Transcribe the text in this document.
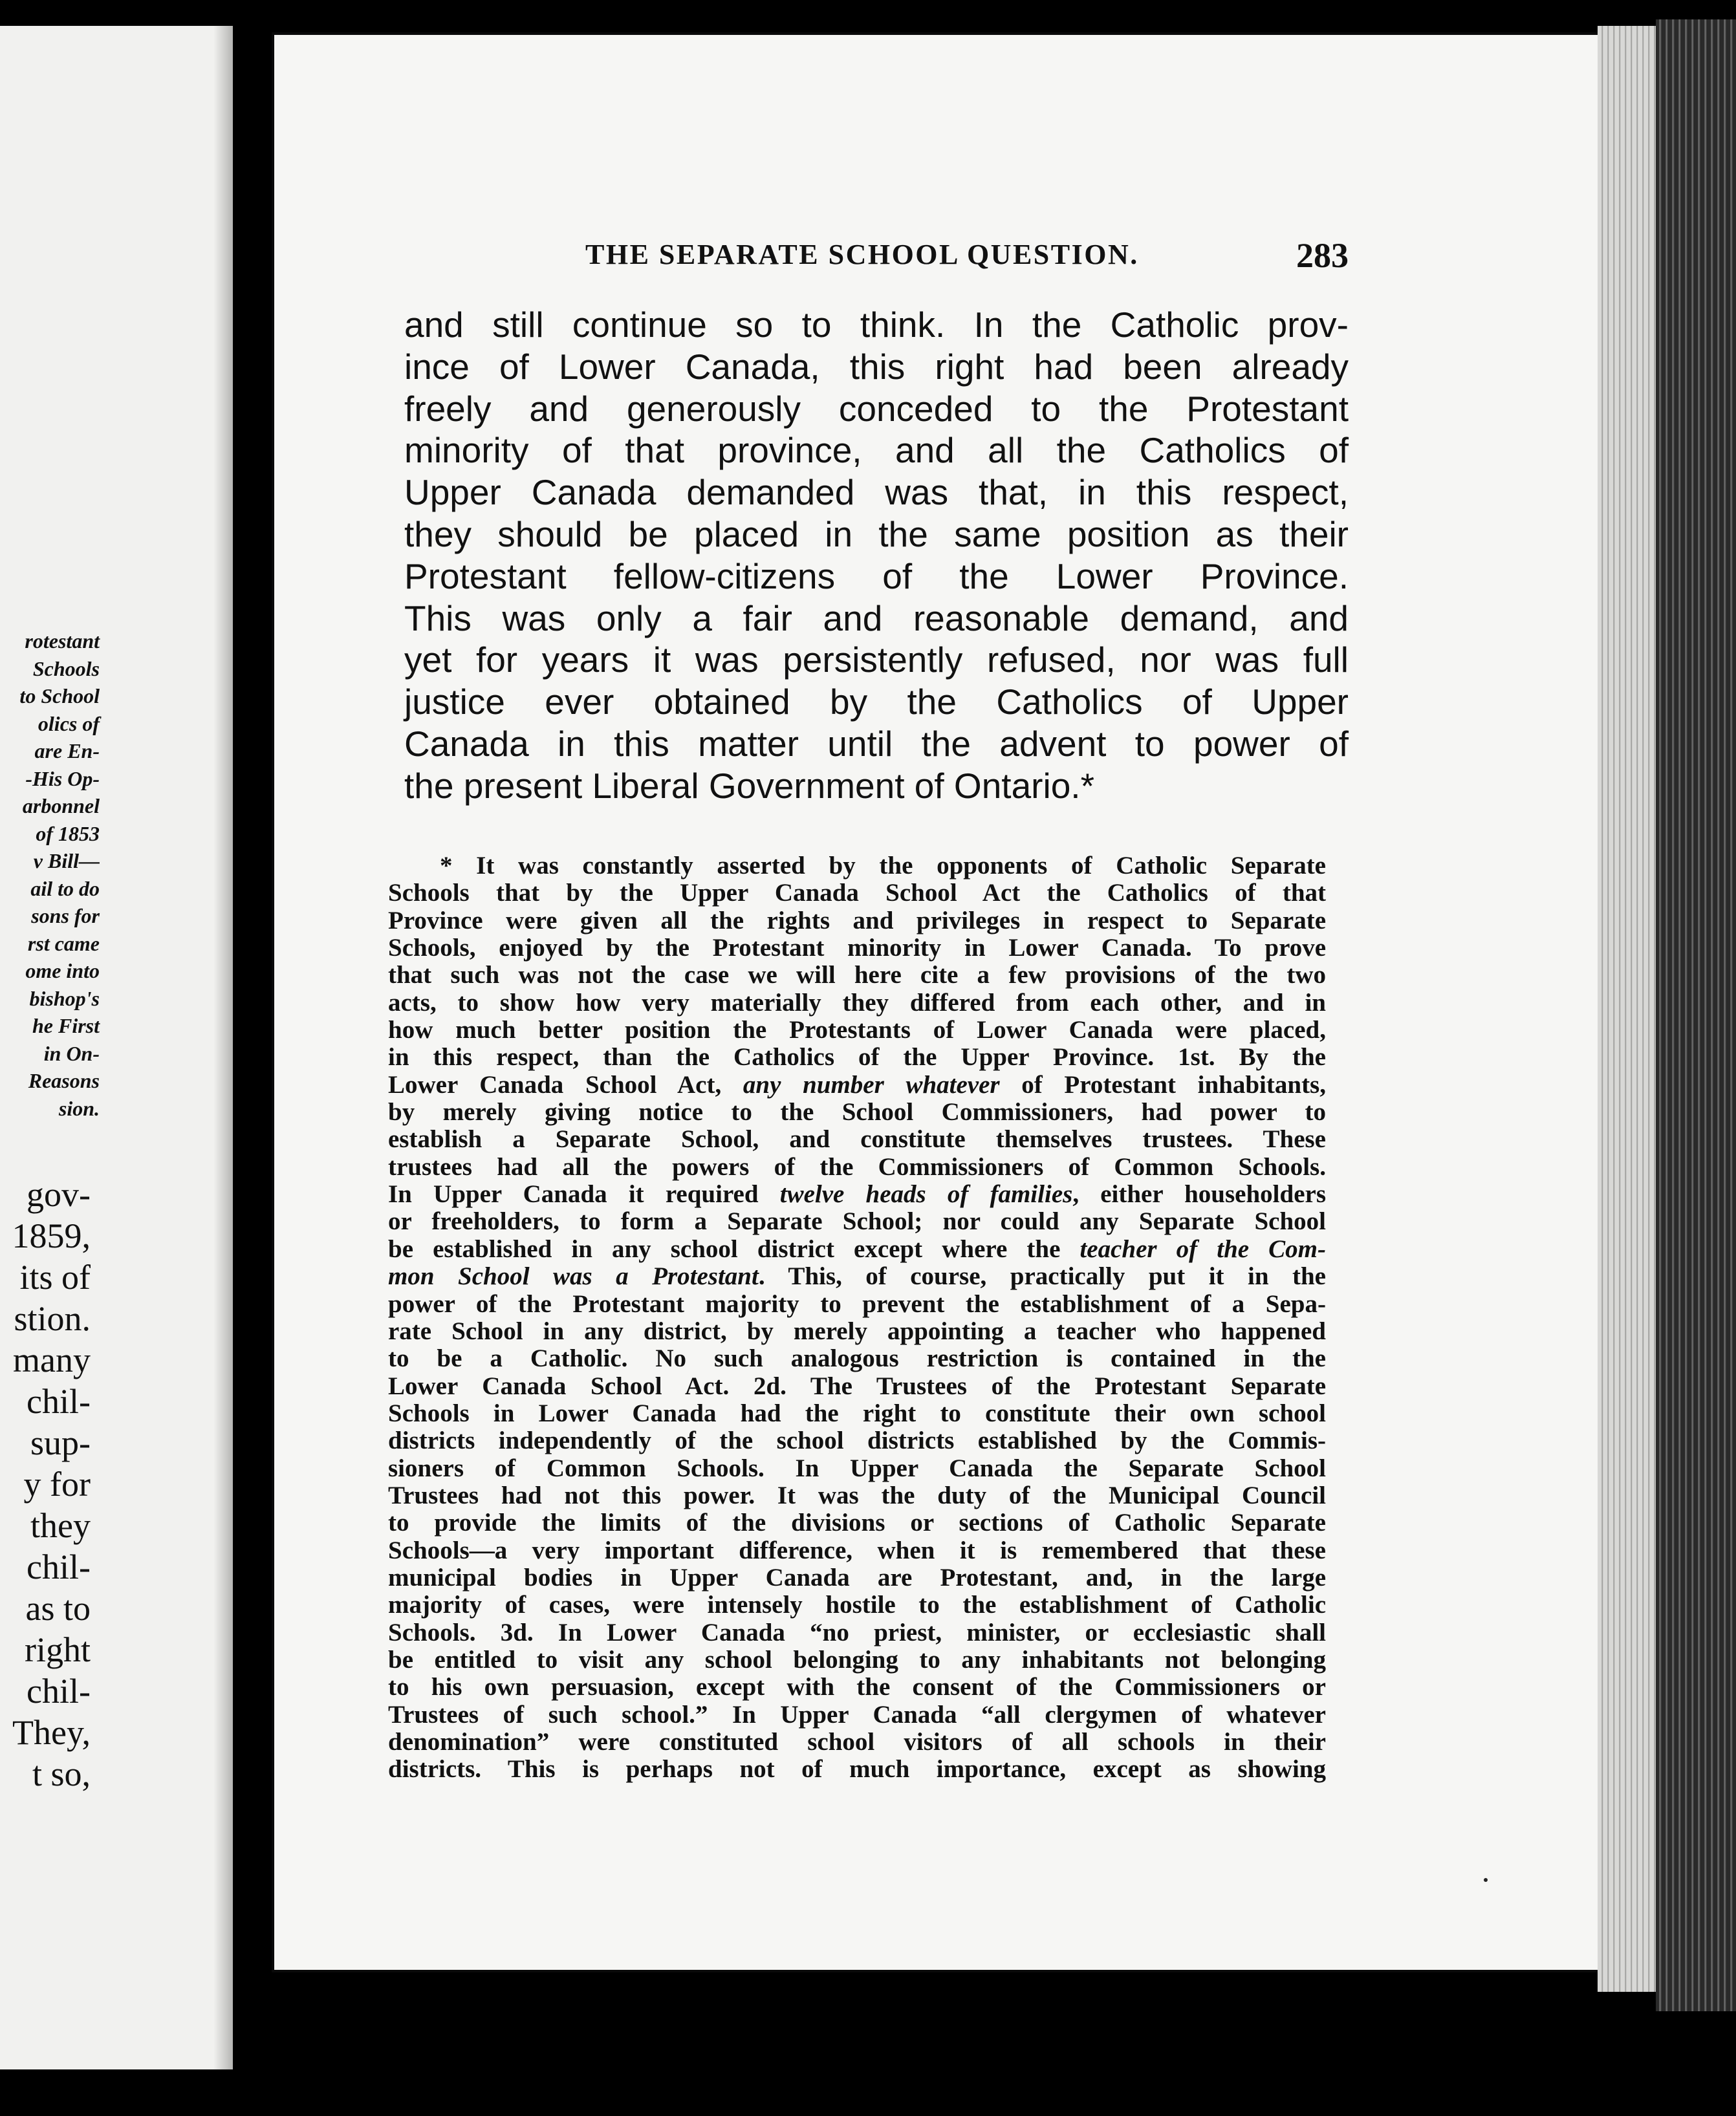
rotestant
Schools
to School
olics of
are En-
-His Op-
arbonnel
of 1853
v Bill—
ail to do
sons for
rst came
ome into
bishop's
he First
in On-
Reasons
sion.
gov-
1859,
its of
stion.
many
chil-
sup-
y for
they
chil-
as to
right
chil-
They,
t so,
THE SEPARATE SCHOOL QUESTION.	283
and still continue so to think. In the Catholic prov-
ince of Lower Canada, this right had been already
freely and generously conceded to the Protestant
minority of that province, and all the Catholics of
Upper Canada demanded was that, in this respect,
they should be placed in the same position as their
Protestant fellow-citizens of the Lower Province.
This was only a fair and reasonable demand, and
yet for years it was persistently refused, nor was full
justice ever obtained by the Catholics of Upper
Canada in this matter until the advent to power of
the present Liberal Government of Ontario.*
* It was constantly asserted by the opponents of Catholic Separate
Schools that by the Upper Canada School Act the Catholics of that
Province were given all the rights and privileges in respect to Separate
Schools, enjoyed by the Protestant minority in Lower Canada. To prove
that such was not the case we will here cite a few provisions of the two
acts, to show how very materially they differed from each other, and in
how much better position the Protestants of Lower Canada were placed,
in this respect, than the Catholics of the Upper Province. 1st. By the
Lower Canada School Act, any number whatever of Protestant inhabitants,
by merely giving notice to the School Commissioners, had power to
establish a Separate School, and constitute themselves trustees. These
trustees had all the powers of the Commissioners of Common Schools.
In Upper Canada it required twelve heads of families, either householders
or freeholders, to form a Separate School; nor could any Separate School
be established in any school district except where the teacher of the Com-
mon School was a Protestant. This, of course, practically put it in the
power of the Protestant majority to prevent the establishment of a Sepa-
rate School in any district, by merely appointing a teacher who happened
to be a Catholic. No such analogous restriction is contained in the
Lower Canada School Act. 2d. The Trustees of the Protestant Separate
Schools in Lower Canada had the right to constitute their own school
districts independently of the school districts established by the Commis-
sioners of Common Schools. In Upper Canada the Separate School
Trustees had not this power. It was the duty of the Municipal Council
to provide the limits of the divisions or sections of Catholic Separate
Schools—a very important difference, when it is remembered that these
municipal bodies in Upper Canada are Protestant, and, in the large
majority of cases, were intensely hostile to the establishment of Catholic
Schools. 3d. In Lower Canada “no priest, minister, or ecclesiastic shall
be entitled to visit any school belonging to any inhabitants not belonging
to his own persuasion, except with the consent of the Commissioners or
Trustees of such school.” In Upper Canada “all clergymen of whatever
denomination” were constituted school visitors of all schools in their
districts. This is perhaps not of much importance, except as showing
